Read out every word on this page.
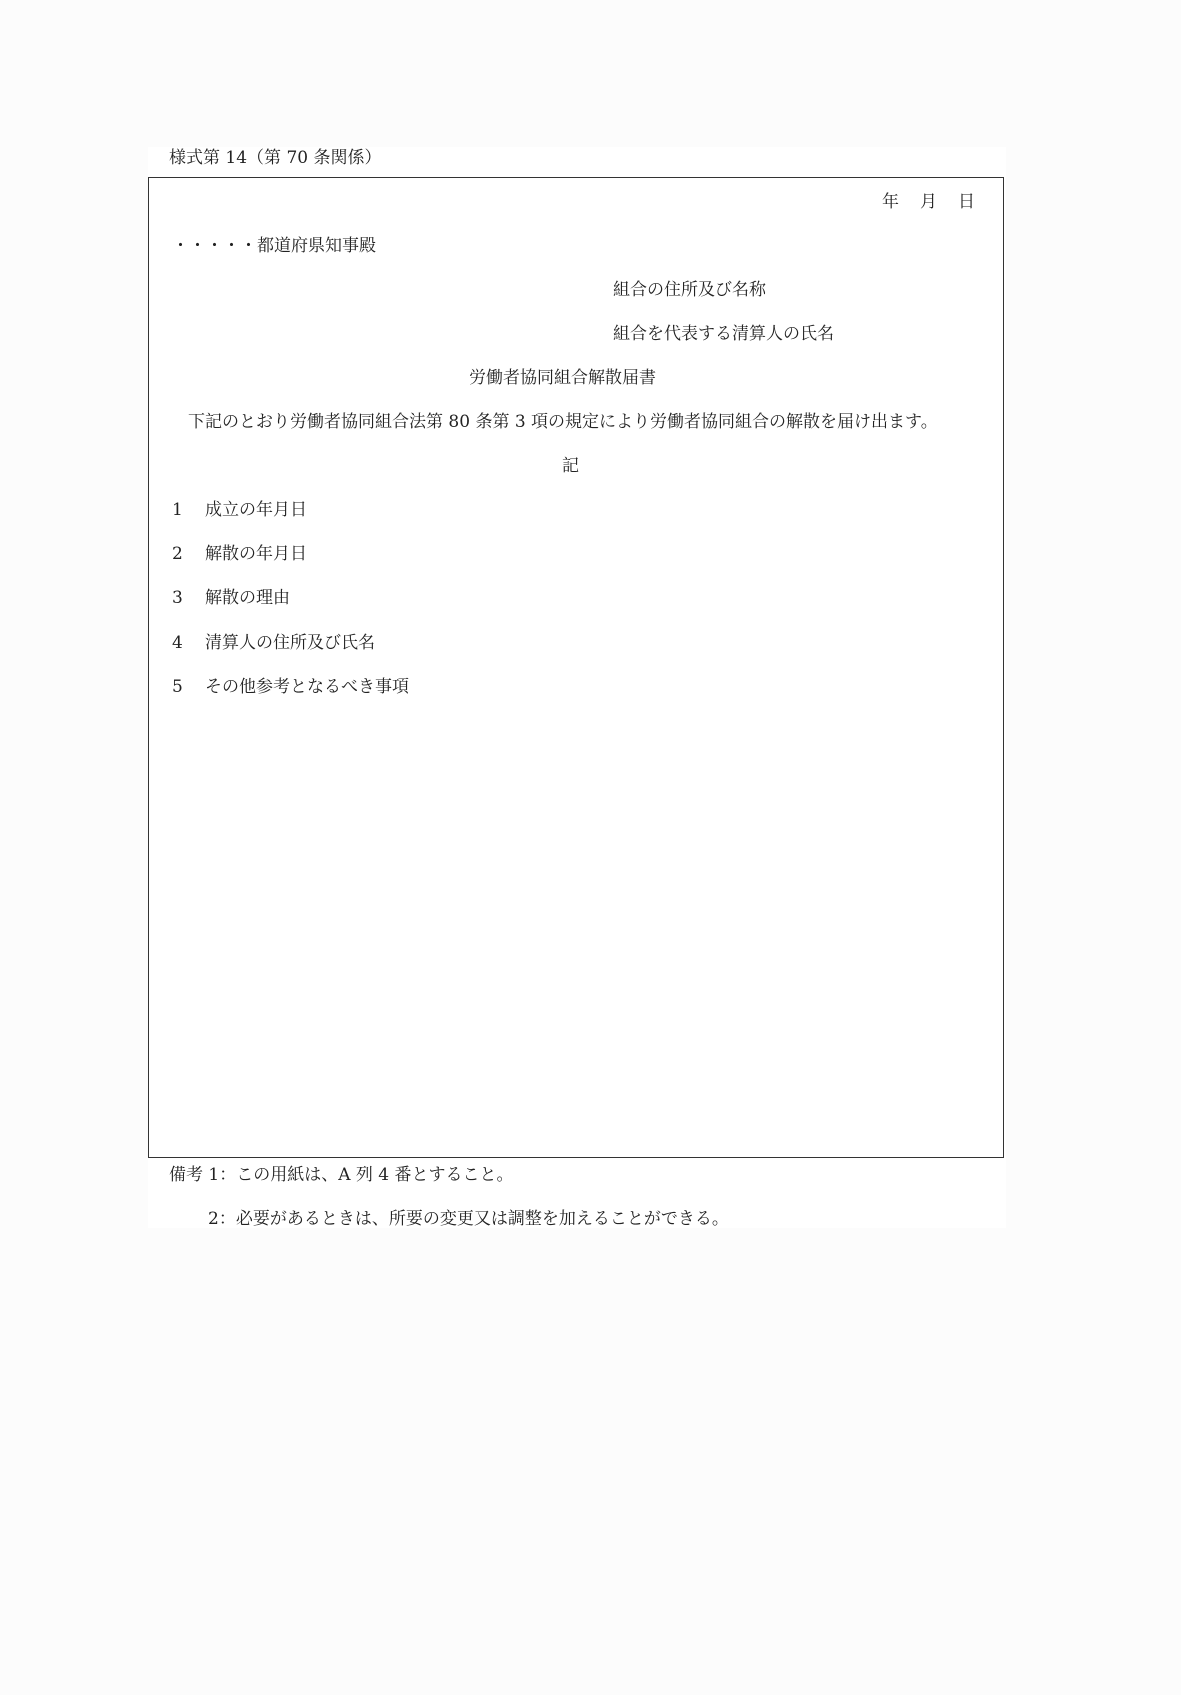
様式第 14（第 70 条関係）
年 月 日
・・・・・都道府県知事殿
組合の住所及び名称
組合を代表する清算人の氏名
労働者協同組合解散届書
下記のとおり労働者協同組合法第 80 条第 3 項の規定により労働者協同組合の解散を届け出ます。
記
1	成立の年月日
2	解散の年月日
3	解散の理由
4	清算人の住所及び氏名
5	その他参考となるべき事項
備考 1：この用紙は、A 列 4 番とすること。
2：必要があるときは、所要の変更又は調整を加えることができる。
